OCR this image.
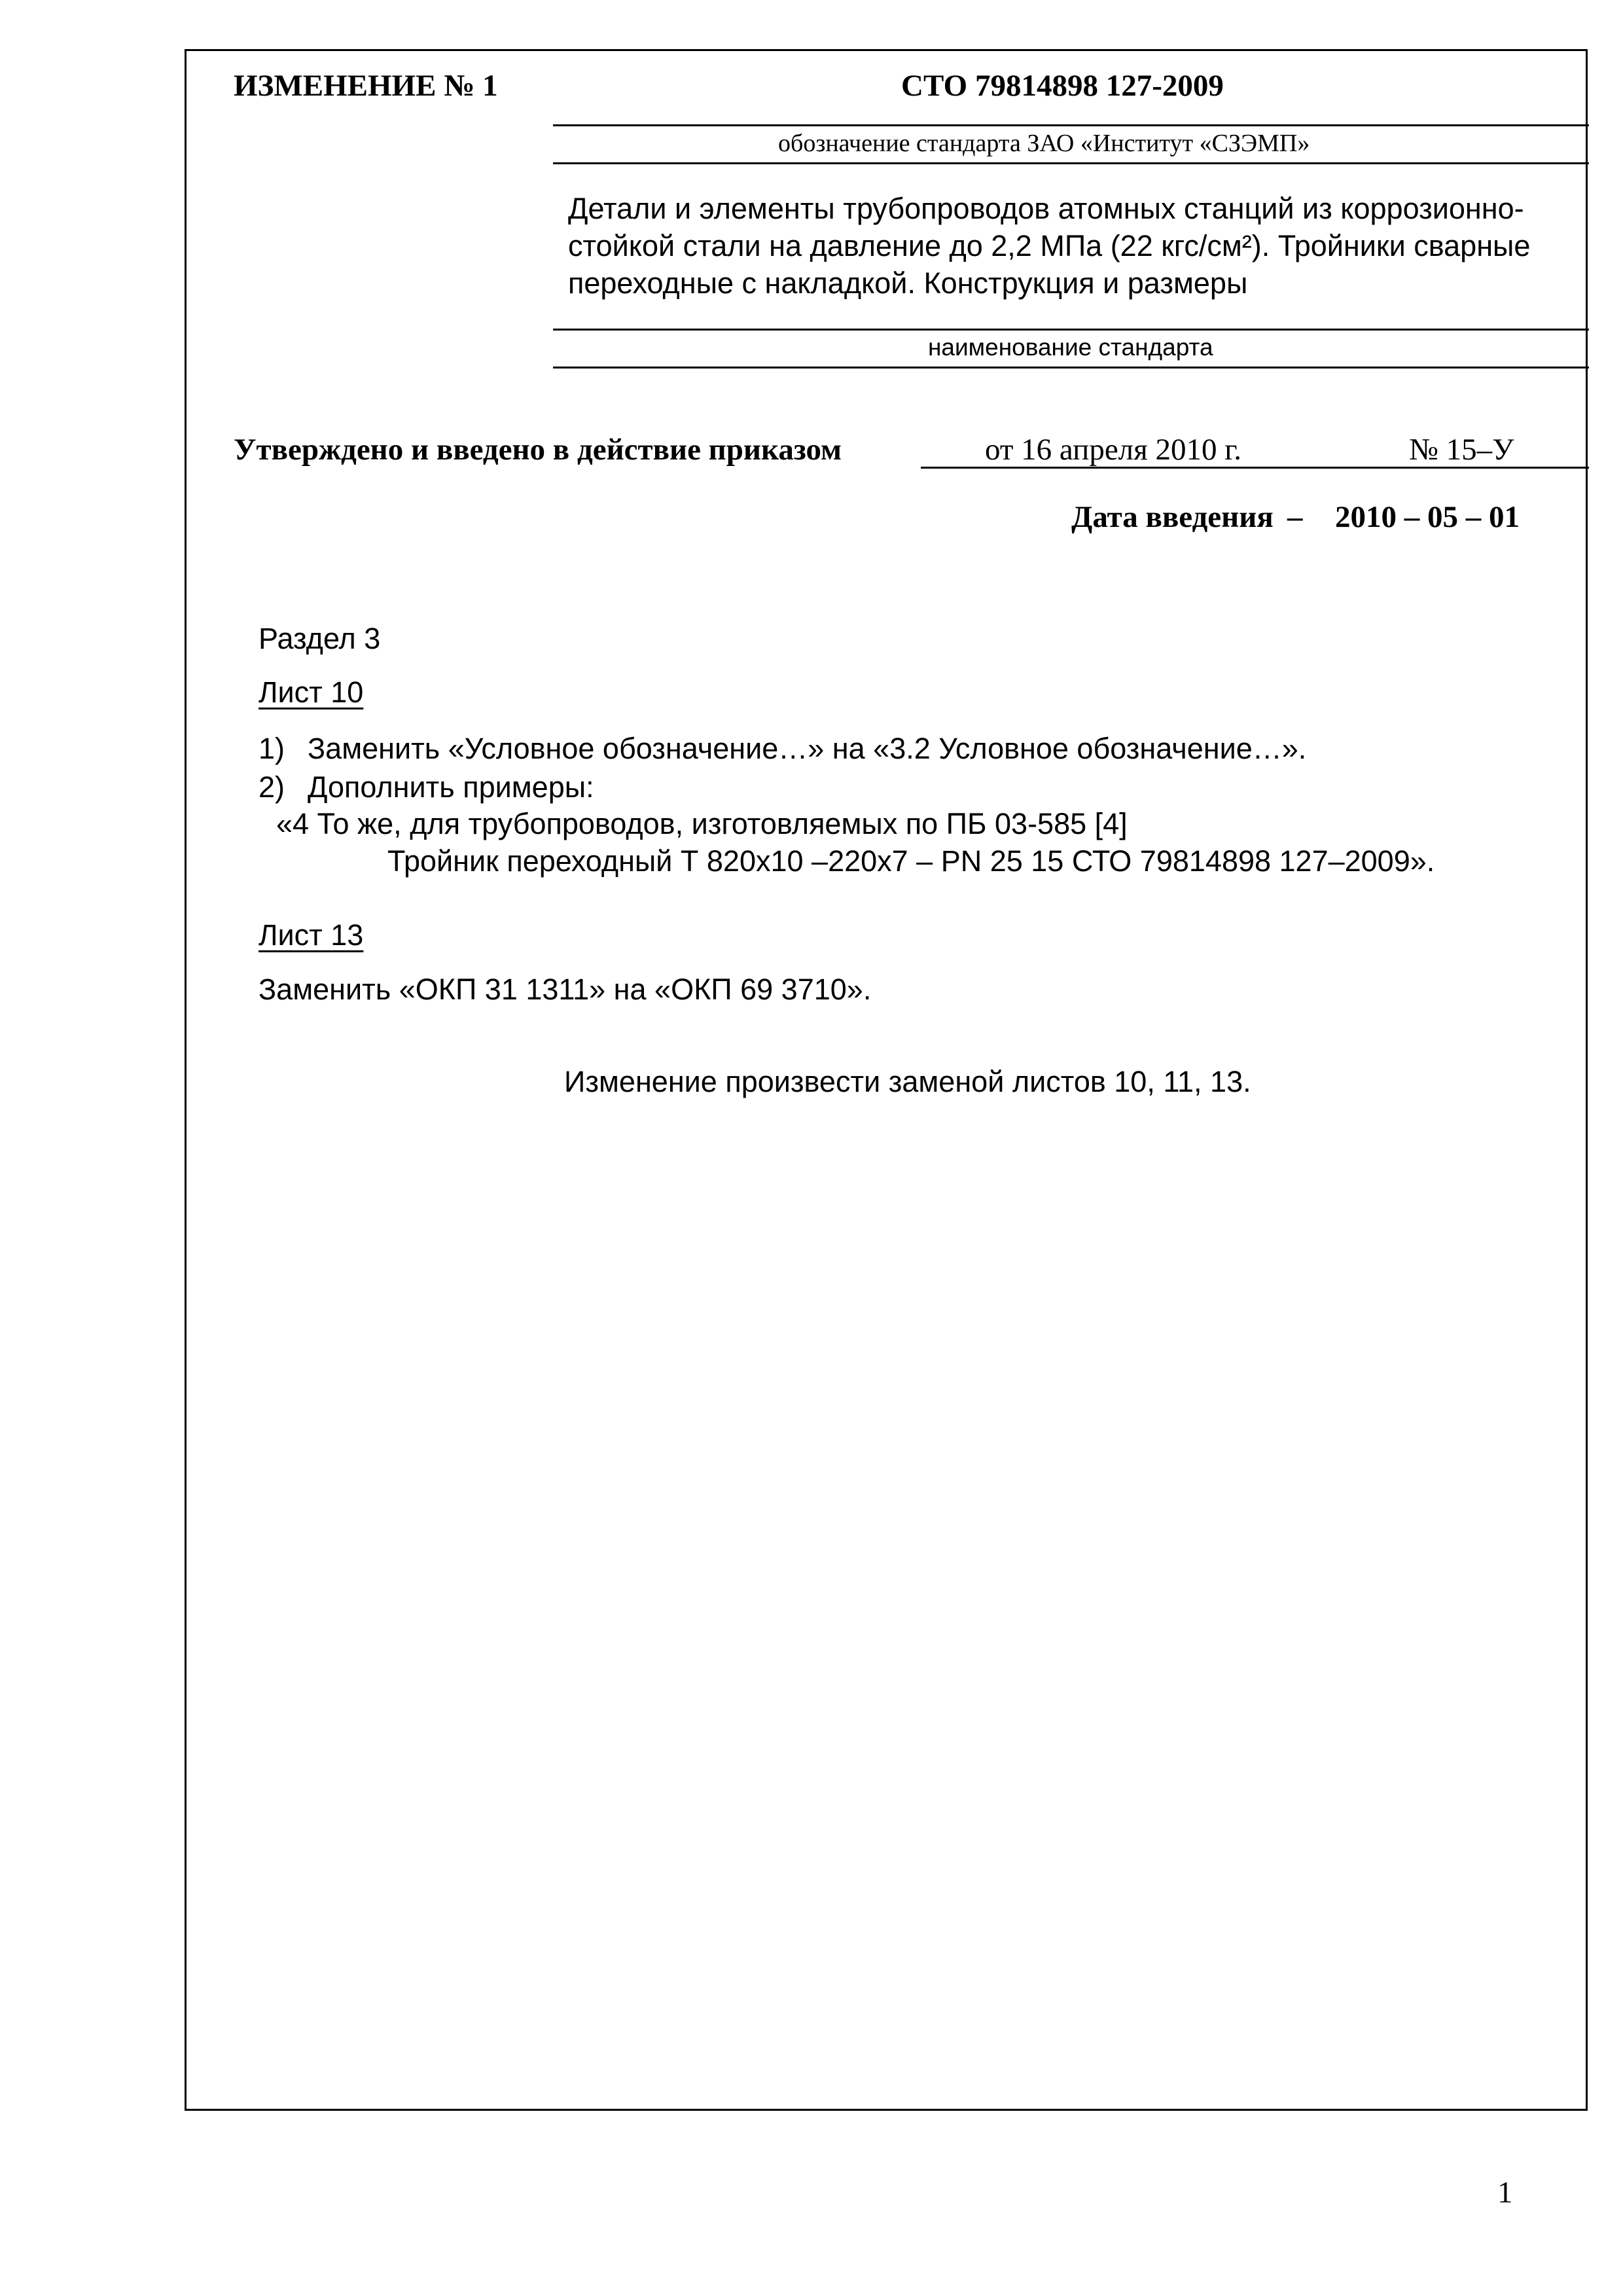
ИЗМЕНЕНИЕ № 1	СТО 79814898 127-2009
обозначение стандарта ЗАО «Институт «СЗЭМП»
Детали и элементы трубопроводов атомных станций из коррозионно-
стойкой стали на давление до 2,2 МПа (22 кгс/см²). Тройники сварные
переходные с накладкой. Конструкция и размеры
наименование стандарта
Утверждено и введено в действие приказом	от 16 апреля 2010 г.	№ 15–У
Дата введения – 2010 – 05 – 01
Раздел 3
Лист 10
1) Заменить «Условное обозначение…» на «3.2 Условное обозначение…».
2) Дополнить примеры:
«4 То же, для трубопроводов, изготовляемых по ПБ 03-585 [4]
Тройник переходный Т 820х10 –220х7 – PN 25 15 СТО 79814898 127–2009».
Лист 13
Заменить «ОКП 31 1311» на «ОКП 69 3710».
Изменение произвести заменой листов 10, 11, 13.
1
